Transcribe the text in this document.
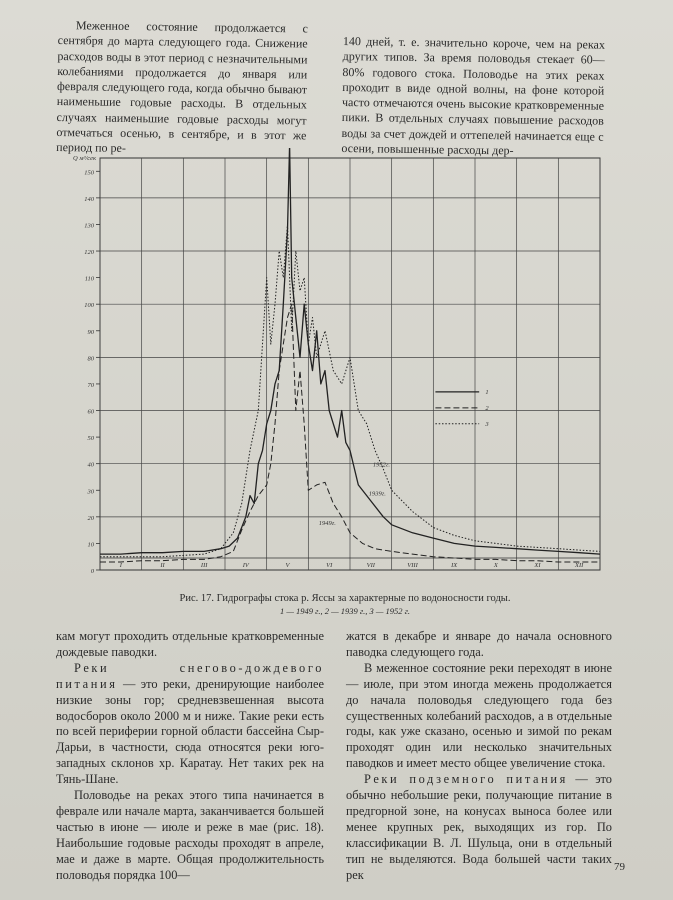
Меженное состояние продолжается с сентября до марта следующего года. Снижение расходов воды в этот период с незначительными колебаниями продолжается до января или февраля следующего года, когда обычно бывают наименьшие годовые расходы. В отдельных случаях наименьшие годовые расходы могут отмечаться осенью, в сентябре, и в этот же период по ре-

140 дней, т. е. значительно короче, чем на реках других типов. За время половодья стекает 60—80% годового стока. Половодье на этих реках проходит в виде одной волны, на фоне которой часто отмечаются очень высокие кратковременные пики. В отдельных случаях повышение расходов воды за счет дождей и оттепелей начинается еще с осени, повышенные расходы дер-

0
10
20
30
40
50
60
70
80
90
100
110
120
130
140
150
I	II	III	IV	V	VI	VII	VIII	IX	X	XI	XII
Q м³/сек
1
2
3
1952г.
1939г.
1949г.
Рис. 17. Гидрографы стока р. Яссы за характерные по водоносности годы.
1 — 1949 г., 2 — 1939 г., 3 — 1952 г.

кам могут проходить отдельные кратковременные дождевые паводки.

Реки снегово-дождевого питания — это реки, дренирующие наиболее низкие зоны гор; средневзвешенная высота водосборов около 2000 м и ниже. Такие реки есть по всей периферии горной области бассейна Сыр-Дарьи, в частности, сюда относятся реки юго-западных склонов хр. Каратау. Нет таких рек на Тянь-Шане.

Половодье на реках этого типа начинается в феврале или начале марта, заканчивается большей частью в июне — июле и реже в мае (рис. 18). Наибольшие годовые расходы проходят в апреле, мае и даже в марте. Общая продолжительность половодья порядка 100—

жатся в декабре и январе до начала основного паводка следующего года.

В меженное состояние реки переходят в июне — июле, при этом иногда межень продолжается до начала половодья следующего года без существенных колебаний расходов, а в отдельные годы, как уже сказано, осенью и зимой по рекам проходят один или несколько значительных паводков и имеет место общее увеличение стока.

Реки подземного питания — это обычно небольшие реки, получающие питание в предгорной зоне, на конусах выноса более или менее крупных рек, выходящих из гор. По классификации В. Л. Шульца, они в отдельный тип не выделяются. Вода большей части таких рек

79
